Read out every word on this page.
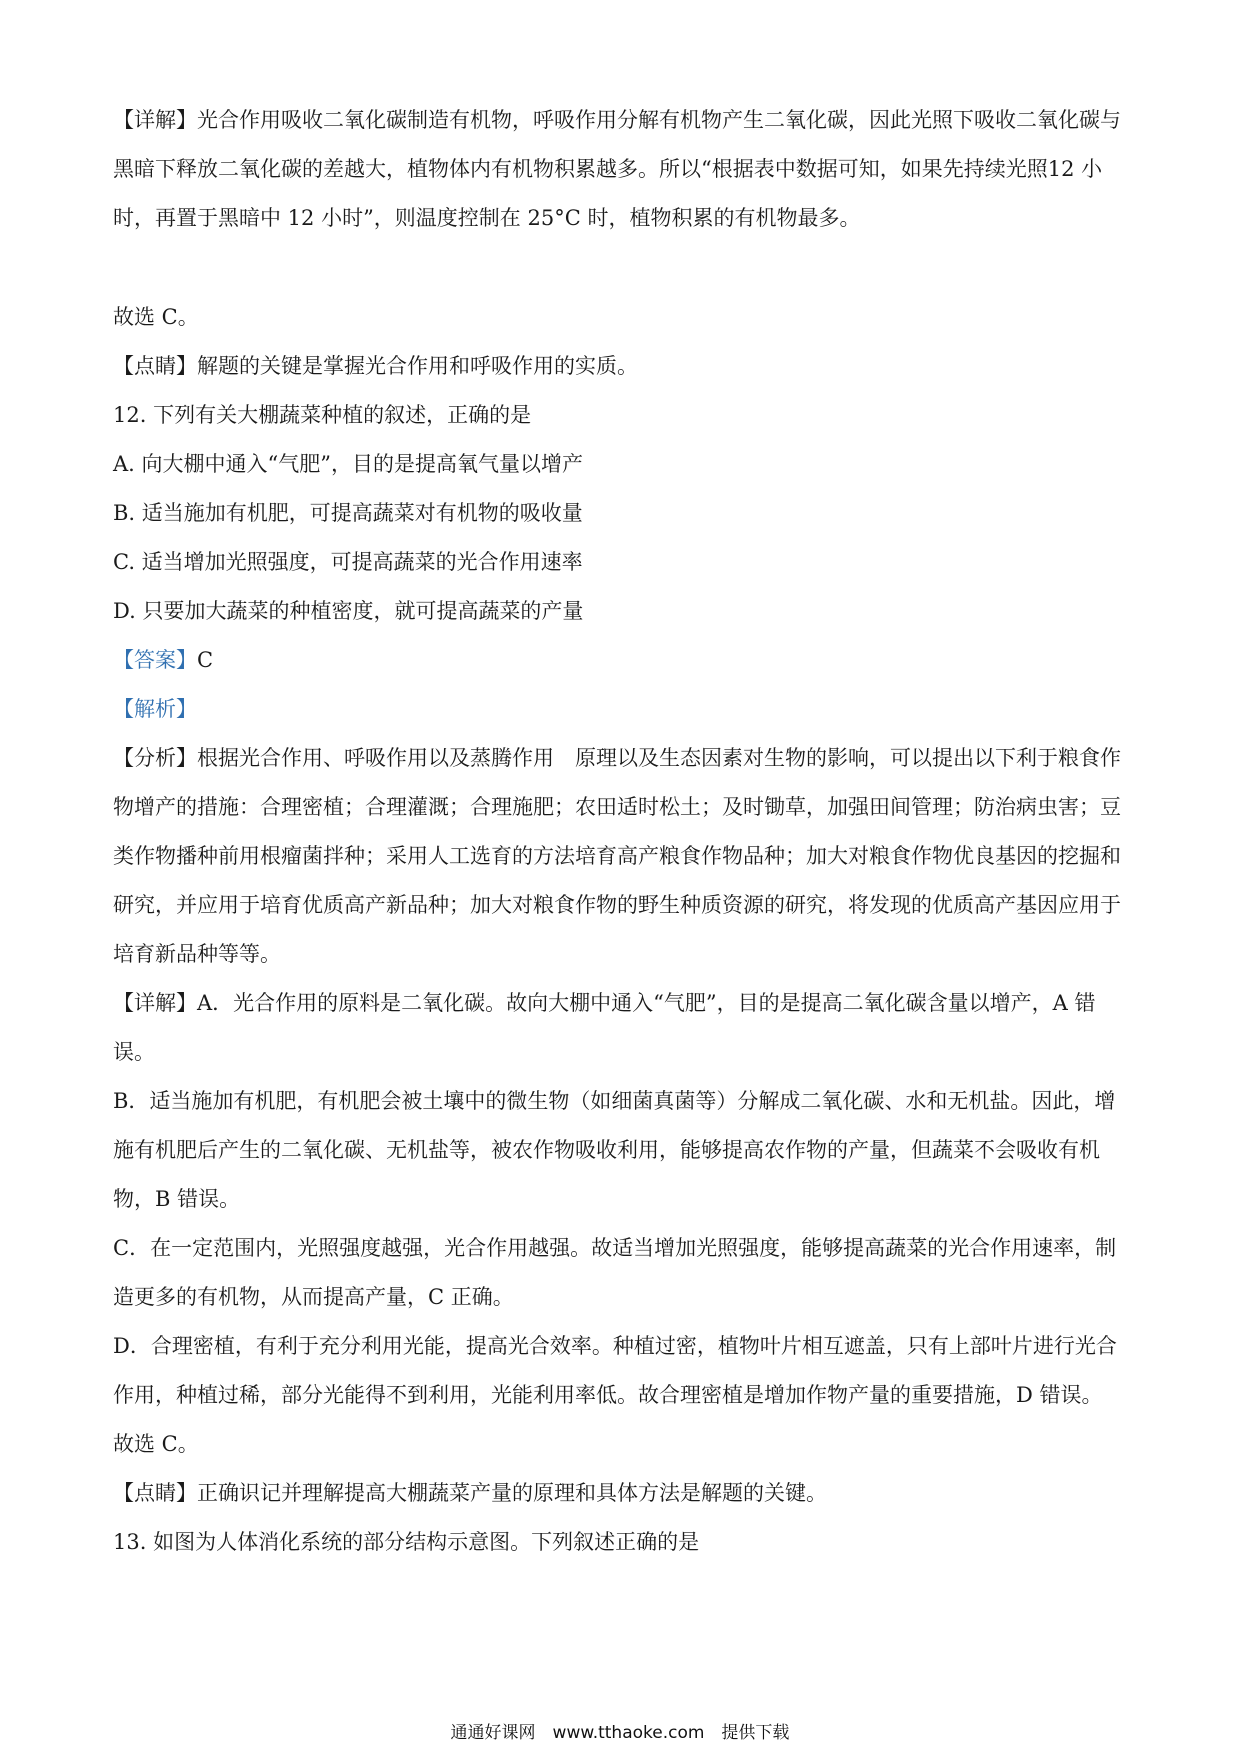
【详解】光合作用吸收二氧化碳制造有机物，呼吸作用分解有机物产生二氧化碳，因此光照下吸收二氧化碳与黑暗下释放二氧化碳的差越大，植物体内有机物积累越多。所以“根据表中数据可知，如果先持续光照12 小时，再置于黑暗中 12 小时”，则温度控制在 25°C 时，植物积累的有机物最多。

故选 C。

【点睛】解题的关键是掌握光合作用和呼吸作用的实质。

12. 下列有关大棚蔬菜种植的叙述，正确的是

A. 向大棚中通入“气肥”，目的是提高氧气量以增产

B. 适当施加有机肥，可提高蔬菜对有机物的吸收量

C. 适当增加光照强度，可提高蔬菜的光合作用速率

D. 只要加大蔬菜的种植密度，就可提高蔬菜的产量

【答案】C

【解析】

【分析】根据光合作用、呼吸作用以及蒸腾作用　原理以及生态因素对生物的影响，可以提出以下利于粮食作物增产的措施：合理密植；合理灌溉；合理施肥；农田适时松土；及时锄草，加强田间管理；防治病虫害；豆类作物播种前用根瘤菌拌种；采用人工选育的方法培育高产粮食作物品种；加大对粮食作物优良基因的挖掘和研究，并应用于培育优质高产新品种；加大对粮食作物的野生种质资源的研究，将发现的优质高产基因应用于培育新品种等等。

【详解】A．光合作用的原料是二氧化碳。故向大棚中通入“气肥”，目的是提高二氧化碳含量以增产，A 错误。

B．适当施加有机肥，有机肥会被土壤中的微生物（如细菌真菌等）分解成二氧化碳、水和无机盐。因此，增施有机肥后产生的二氧化碳、无机盐等，被农作物吸收利用，能够提高农作物的产量，但蔬菜不会吸收有机物，B 错误。

C．在一定范围内，光照强度越强，光合作用越强。故适当增加光照强度，能够提高蔬菜的光合作用速率，制造更多的有机物，从而提高产量，C 正确。

D．合理密植，有利于充分利用光能，提高光合效率。种植过密，植物叶片相互遮盖，只有上部叶片进行光合作用，种植过稀，部分光能得不到利用，光能利用率低。故合理密植是增加作物产量的重要措施，D 错误。

故选 C。

【点睛】正确识记并理解提高大棚蔬菜产量的原理和具体方法是解题的关键。

13. 如图为人体消化系统的部分结构示意图。下列叙述正确的是

通通好课网　www.tthaoke.com　提供下载
